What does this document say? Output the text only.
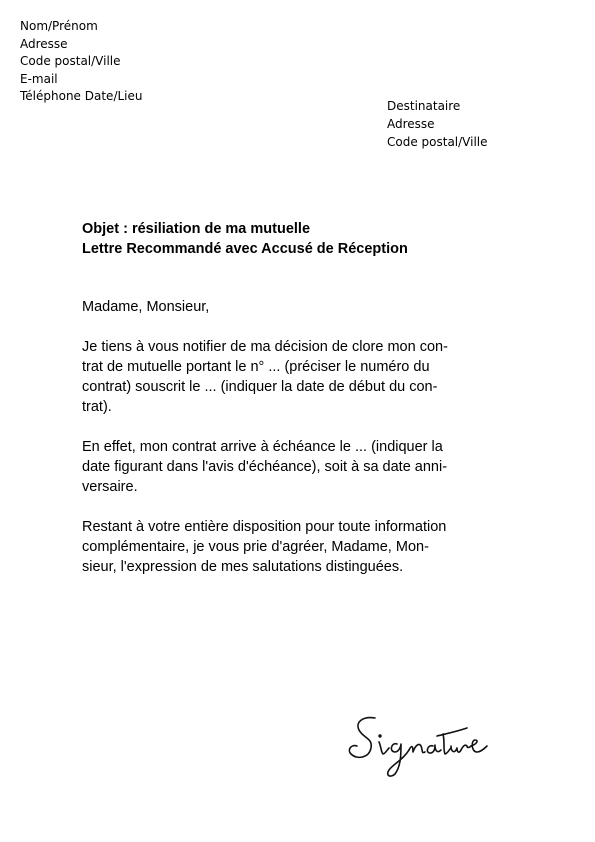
Nom/Prénom
Adresse
Code postal/Ville
E-mail
Téléphone Date/Lieu
Destinataire
Adresse
Code postal/Ville
Objet : résiliation de ma mutuelle
Lettre Recommandé avec Accusé de Réception
Madame, Monsieur,
Je tiens à vous notifier de ma décision de clore mon con-
trat de mutuelle portant le n° ... (préciser le numéro du
contrat) souscrit le ... (indiquer la date de début du con-
trat).
En effet, mon contrat arrive à échéance le ... (indiquer la
date figurant dans l'avis d'échéance), soit à sa date anni-
versaire.
Restant à votre entière disposition pour toute information
complémentaire, je vous prie d'agréer, Madame, Mon-
sieur, l'expression de mes salutations distinguées.
